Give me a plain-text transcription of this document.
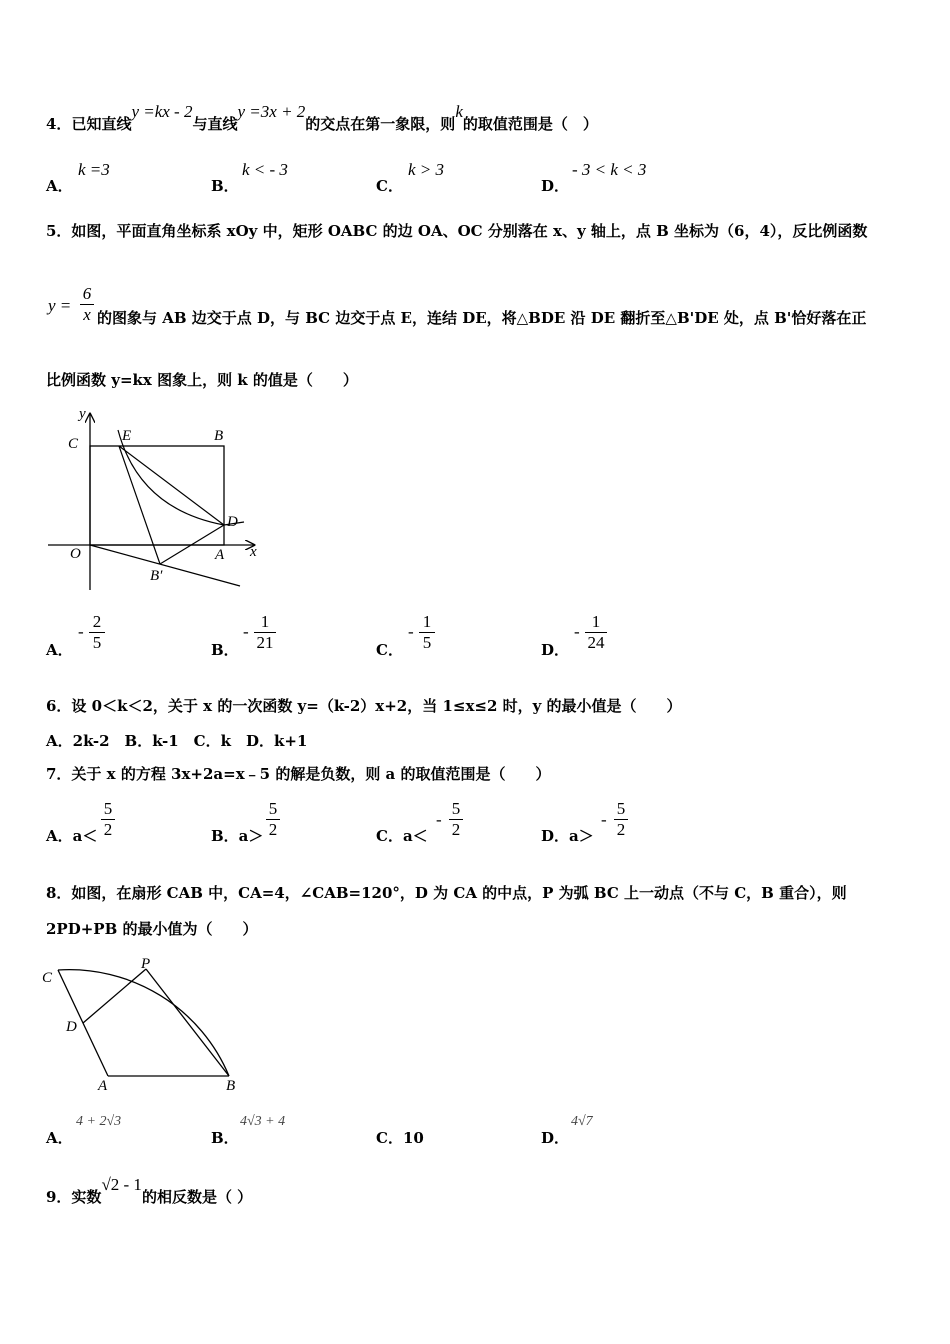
4．已知直线y =kx - 2与直线y =3x + 2的交点在第一象限，则k的取值范围是（　）
A．
k =3
B．
k < - 3
C．
k > 3
D．
- 3 < k < 3
5．如图，平面直角坐标系 xOy 中，矩形 OABC 的边 OA、OC 分别落在 x、y 轴上，点 B 坐标为（6，4），反比例函数
$y = \frac{6}{x}$ 的图象与 AB 边交于点 D，与 BC 边交于点 E，连结 DE，将△BDE 沿 DE 翻折至△B'DE 处，点 B'恰好落在正
比例函数 y=kx 图象上，则 k 的值是（　　）
y
C	E	B
D
O	A x
B′
A．
- $\frac{2}{5}$	B．
- $\frac{1}{21}$	C．
- $\frac{1}{5}$	D．
- $\frac{1}{24}$
6．设 0＜k＜2，关于 x 的一次函数 y=（k-2）x+2，当 1≤x≤2 时，y 的最小值是（　　）
A．2k-2　B．k-1　C．k　D．k+1
7．关于 x 的方程 3x+2a=x﹣5 的解是负数，则 a 的取值范围是（　　）
A．$a< \frac{5}{2}$	B．$a> \frac{5}{2}$	C．a＜
- $\frac{5}{2}$	D．a＞
- $\frac{5}{2}$
8．如图，在扇形 CAB 中，CA=4，∠CAB=120°，D 为 CA 的中点，P 为弧 BC 上一动点（不与 C，B 重合），则
2PD+PB 的最小值为（　　）
C
P
D
A	B
A．
4 + 2√3
B．
4√3 + 4
C．10	D．
4√7
9．实数√2 - 1的相反数是（ ）
